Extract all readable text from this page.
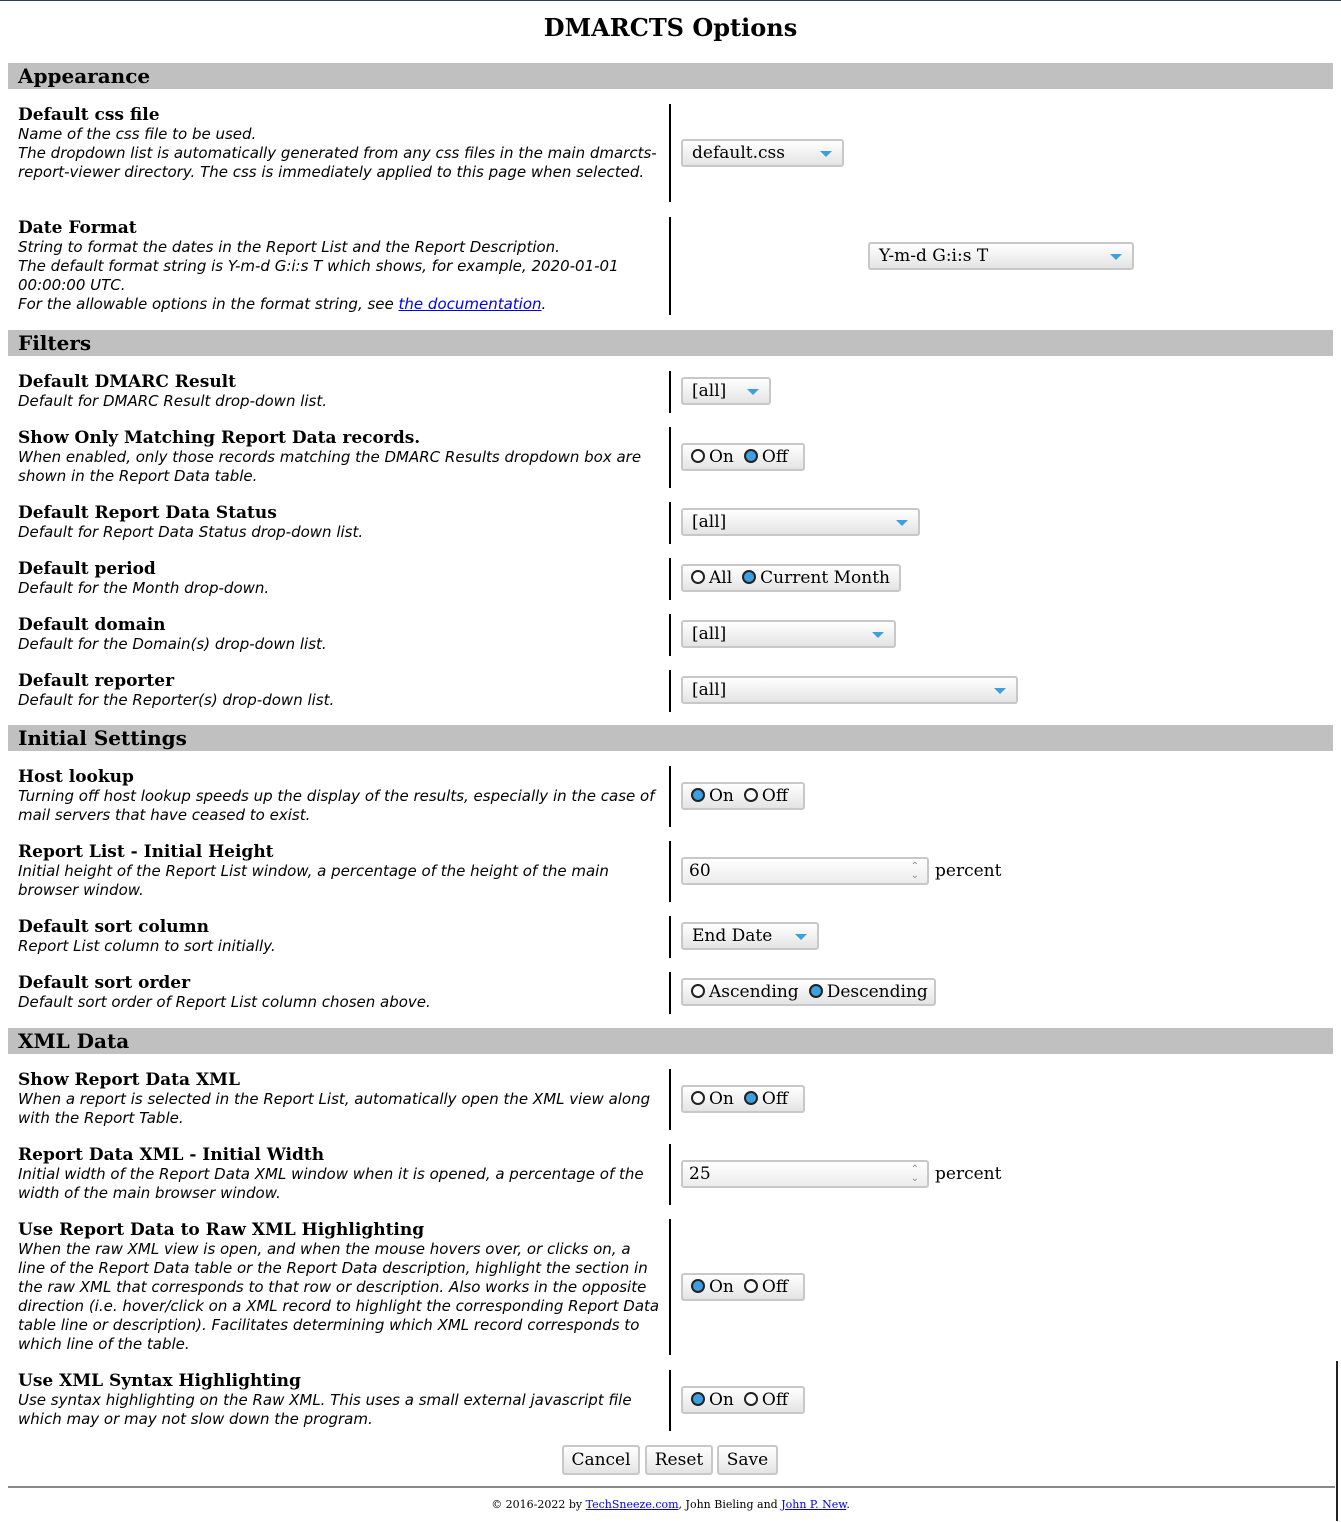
DMARCTS Options
Appearance
Default css file
Name of the css file to be used.
The dropdown list is automatically generated from any css files in the main dmarcts-report-viewer directory. The css is immediately applied to this page when selected.
default.css
Date Format
String to format the dates in the Report List and the Report Description.
The default format string is Y-m-d G:i:s T which shows, for example, 2020-01-01 00:00:00 UTC.
For the allowable options in the format string, see the documentation.
Y-m-d G:i:s T
Filters
Default DMARC Result
Default for DMARC Result drop-down list.	[all]
Show Only Matching Report Data records.
When enabled, only those records matching the DMARC Results dropdown box are shown in the Report Data table.
On Off
Default Report Data Status
Default for Report Data Status drop-down list.	[all]
Default period
Default for the Month drop-down.	All Current Month
Default domain
Default for the Domain(s) drop-down list.	[all]
Default reporter
Default for the Reporter(s) drop-down list.	[all]
Initial Settings
Host lookup
Turning off host lookup speeds up the display of the results, especially in the case of mail servers that have ceased to exist.
On Off
Report List - Initial Height
Initial height of the Report List window, a percentage of the height of the main browser window.
60	⌃
⌄ percent
Default sort column
Report List column to sort initially.	End Date
Default sort order
Default sort order of Report List column chosen above.	Ascending Descending
XML Data
Show Report Data XML
When a report is selected in the Report List, automatically open the XML view along with the Report Table.
On Off
Report Data XML - Initial Width
Initial width of the Report Data XML window when it is opened, a percentage of the width of the main browser window.
25	⌃
⌄ percent
Use Report Data to Raw XML Highlighting
When the raw XML view is open, and when the mouse hovers over, or clicks on, a line of the Report Data table or the Report Data description, highlight the section in the raw XML that corresponds to that row or description. Also works in the opposite direction (i.e. hover/click on a XML record to highlight the corresponding Report Data table line or description). Facilitates determining which XML record corresponds to which line of the table.
On Off
Use XML Syntax Highlighting
Use syntax highlighting on the Raw XML. This uses a small external javascript file which may or may not slow down the program.
On Off
Cancel	Reset	Save
© 2016-2022 by TechSneeze.com, John Bieling and John P. New.
